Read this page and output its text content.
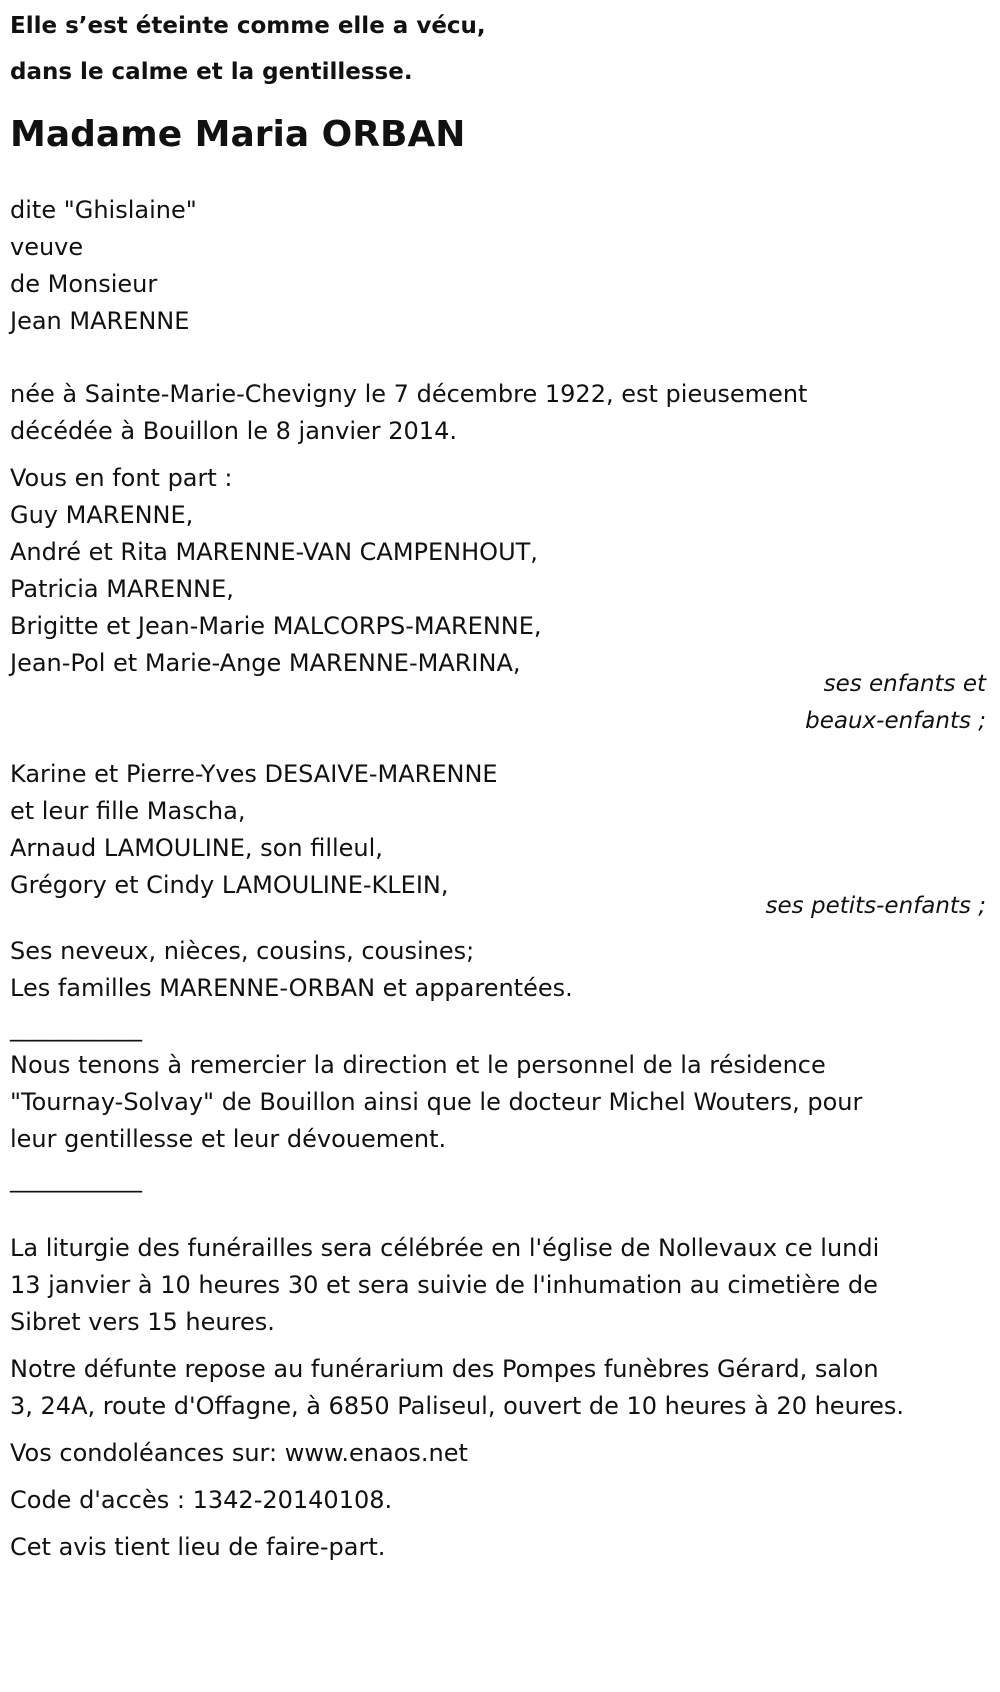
Elle s’est éteinte comme elle a vécu,

dans le calme et la gentillesse.

Madame Maria ORBAN

dite "Ghislaine"

veuve

de Monsieur

Jean MARENNE

née à Sainte-Marie-Chevigny le 7 décembre 1922, est pieusement

décédée à Bouillon le 8 janvier 2014.

Vous en font part :

Guy MARENNE,

André et Rita MARENNE-VAN CAMPENHOUT,

Patricia MARENNE,

Brigitte et Jean-Marie MALCORPS-MARENNE,

Jean-Pol et Marie-Ange MARENNE-MARINA,

ses enfants et

beaux-enfants ;

Karine et Pierre-Yves DESAIVE-MARENNE

et leur fille Mascha,

Arnaud LAMOULINE, son filleul,

Grégory et Cindy LAMOULINE-KLEIN,

ses petits-enfants ;

Ses neveux, nièces, cousins, cousines;

Les familles MARENNE-ORBAN et apparentées.

___________

Nous tenons à remercier la direction et le personnel de la résidence

"Tournay-Solvay" de Bouillon ainsi que le docteur Michel Wouters, pour

leur gentillesse et leur dévouement.

___________

La liturgie des funérailles sera célébrée en l'église de Nollevaux ce lundi

13 janvier à 10 heures 30 et sera suivie de l'inhumation au cimetière de

Sibret vers 15 heures.

Notre défunte repose au funérarium des Pompes funèbres Gérard, salon

3, 24A, route d'Offagne, à 6850 Paliseul, ouvert de 10 heures à 20 heures.

Vos condoléances sur: www.enaos.net

Code d'accès : 1342-20140108.

Cet avis tient lieu de faire-part.
